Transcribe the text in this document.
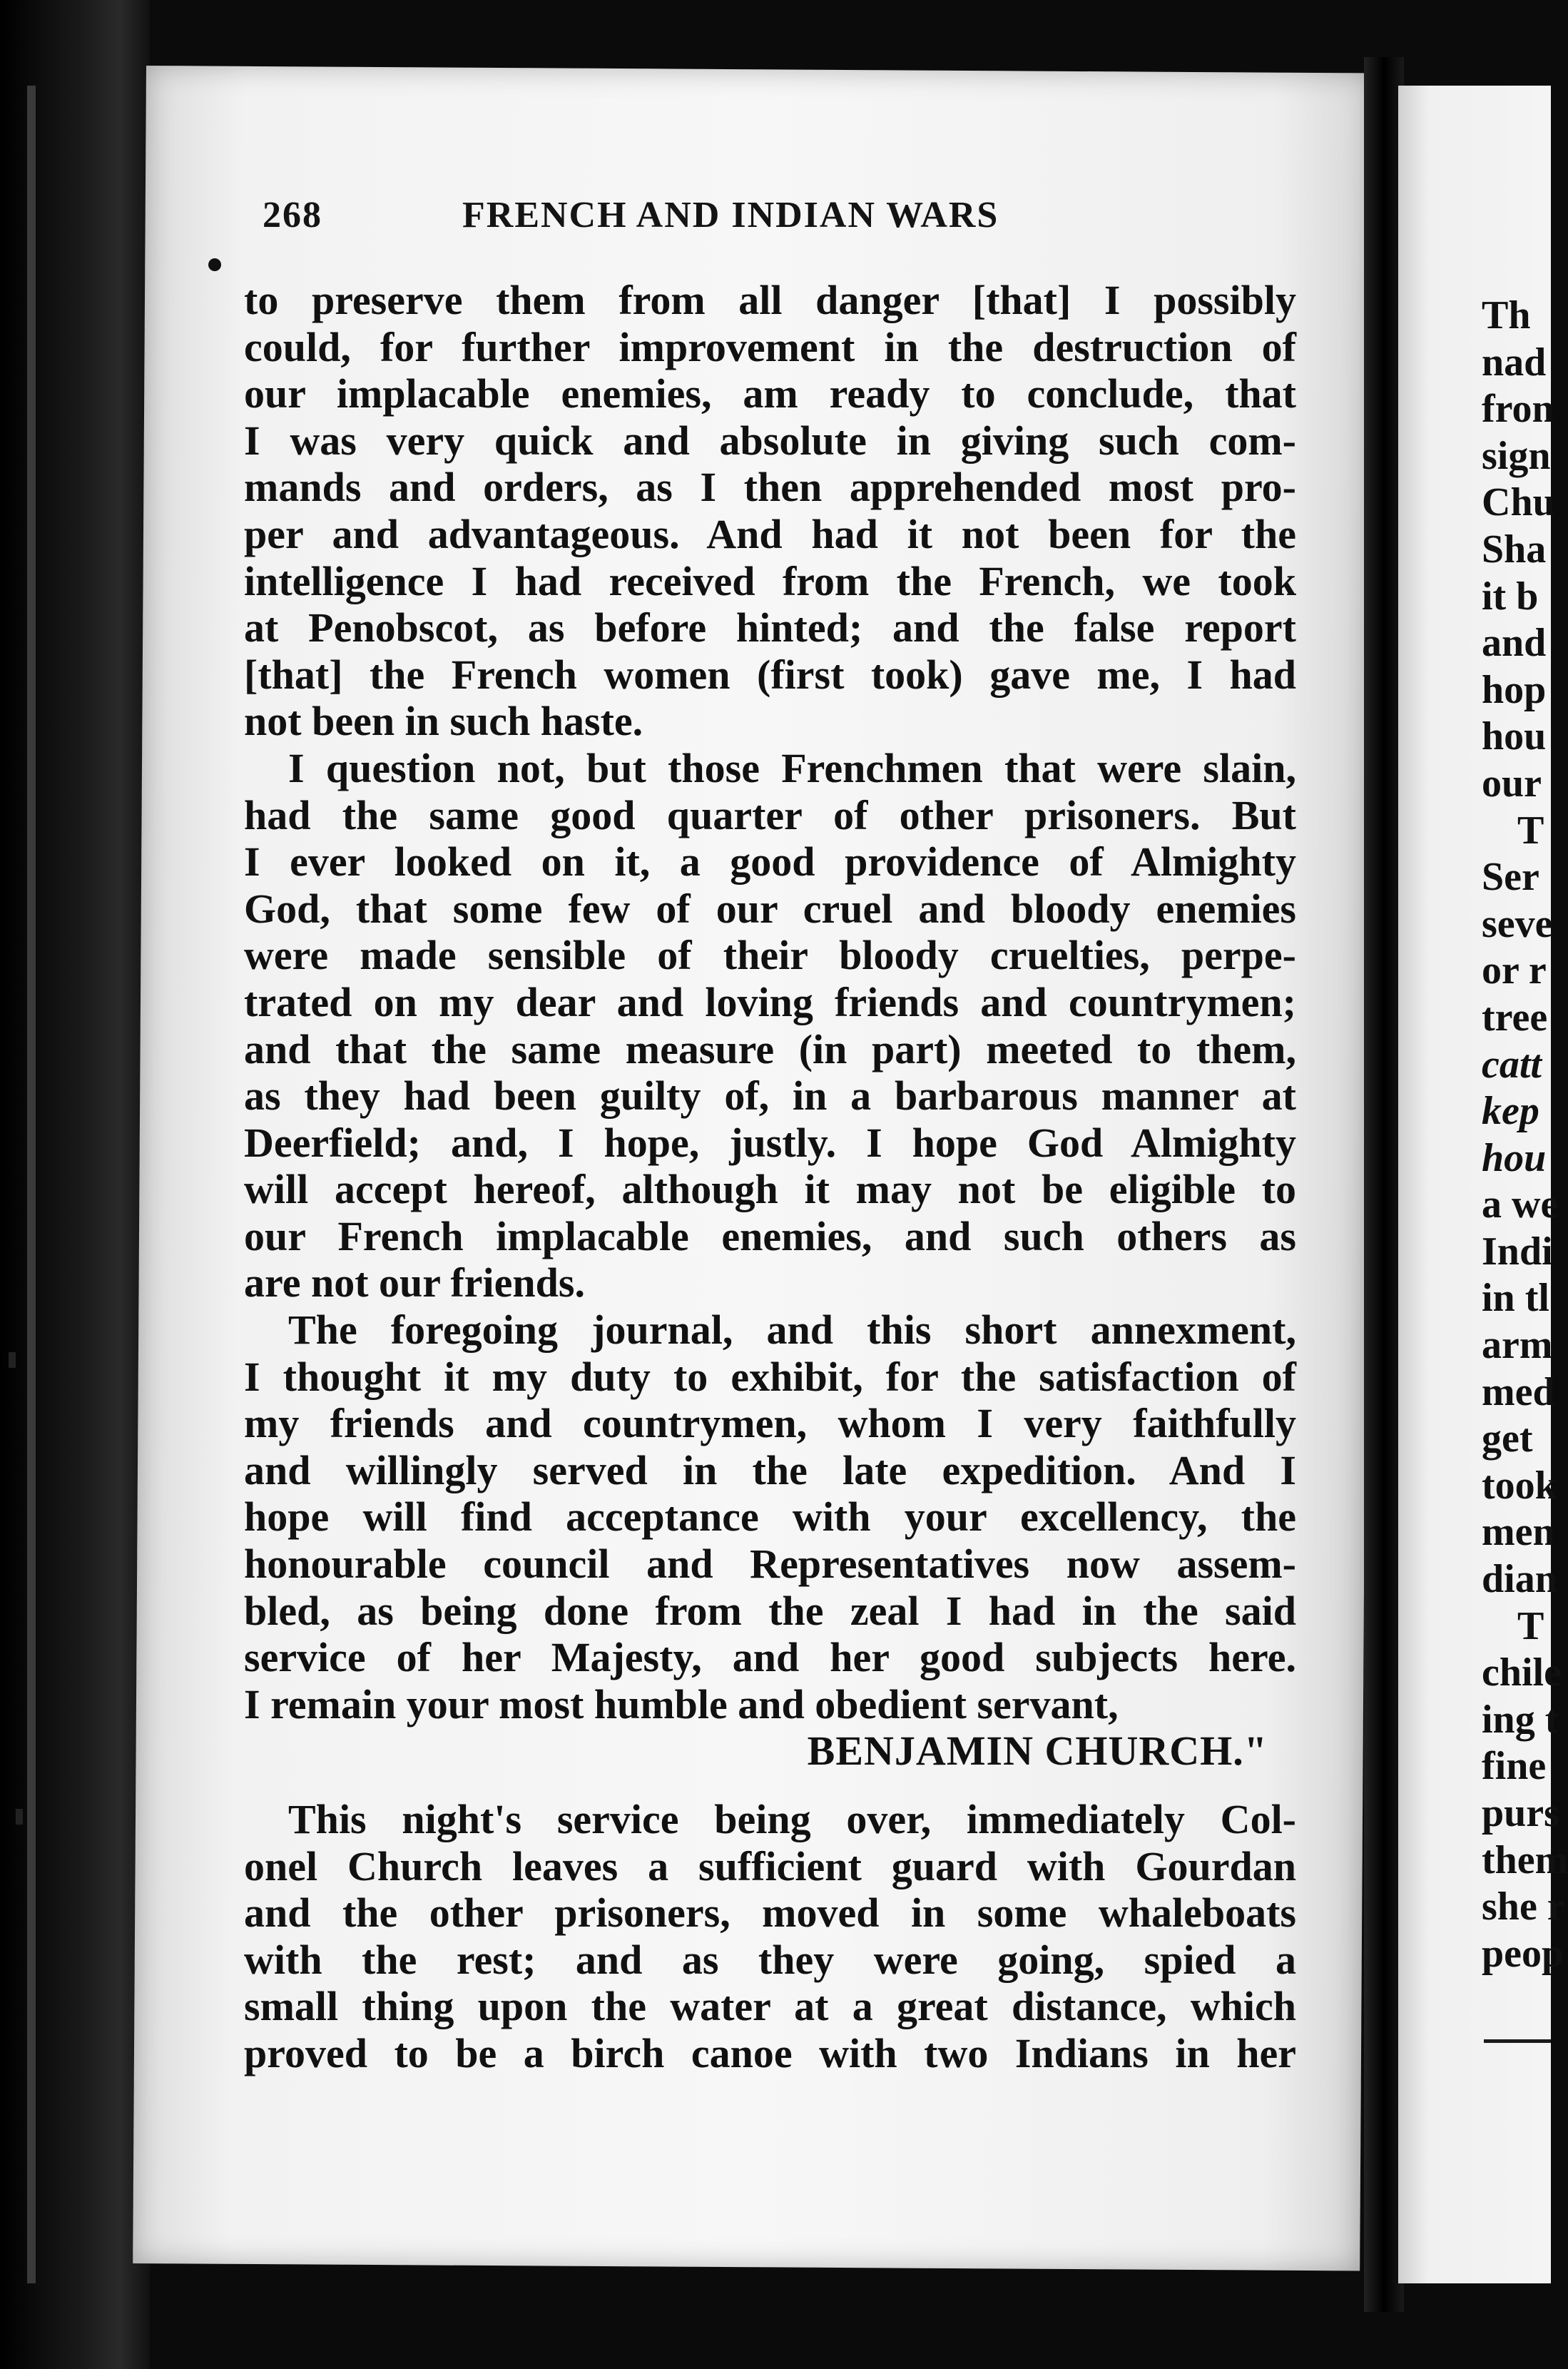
268	FRENCH AND INDIAN WARS
to preserve them from all danger [that] I possibly
could, for further improvement in the destruction of
our implacable enemies, am ready to conclude, that
I was very quick and absolute in giving such com-
mands and orders, as I then apprehended most pro-
per and advantageous. And had it not been for the
intelligence I had received from the French, we took
at Penobscot, as before hinted; and the false report
[that] the French women (first took) gave me, I had
not been in such haste.
I question not, but those Frenchmen that were slain,
had the same good quarter of other prisoners. But
I ever looked on it, a good providence of Almighty
God, that some few of our cruel and bloody enemies
were made sensible of their bloody cruelties, perpe-
trated on my dear and loving friends and countrymen;
and that the same measure (in part) meeted to them,
as they had been guilty of, in a barbarous manner at
Deerfield; and, I hope, justly. I hope God Almighty
will accept hereof, although it may not be eligible to
our French implacable enemies, and such others as
are not our friends.
The foregoing journal, and this short annexment,
I thought it my duty to exhibit, for the satisfaction of
my friends and countrymen, whom I very faithfully
and willingly served in the late expedition. And I
hope will find acceptance with your excellency, the
honourable council and Representatives now assem-
bled, as being done from the zeal I had in the said
service of her Majesty, and her good subjects here.
I remain your most humble and obedient servant,
BENJAMIN CHURCH."
This night's service being over, immediately Col-
onel Church leaves a sufficient guard with Gourdan
and the other prisoners, moved in some whaleboats
with the rest; and as they were going, spied a
small thing upon the water at a great distance, which
proved to be a birch canoe with two Indians in her
Th
nad
fron
sign
Chu
Sha
it b
and
hop
hou
our
T
Ser
seve
or r
tree
catt
kep
hou
a we
Indi
in tl
arm
med
get
took
men
dian
T
chile
ing t
fine
purs
them
she r
peop
